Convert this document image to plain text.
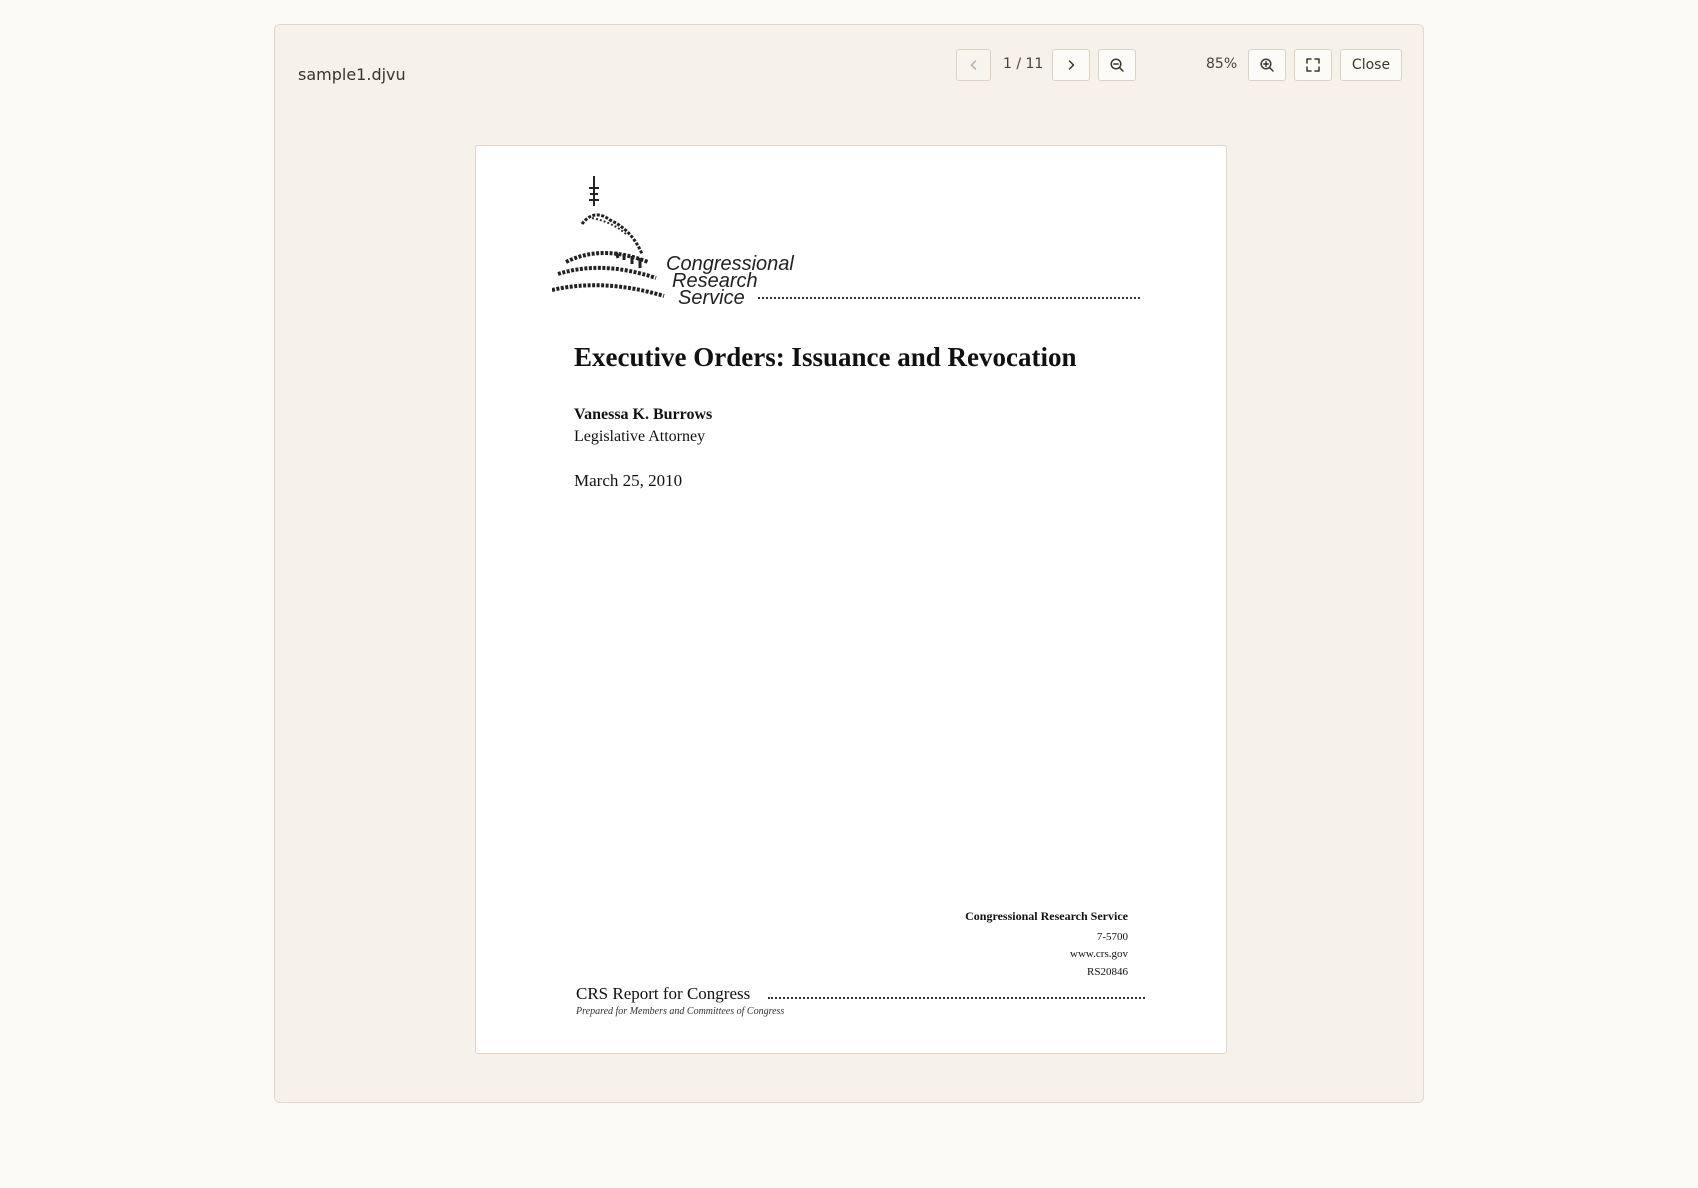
sample1.djvu
1 / 11	85%	Close
Congressional
Research
Service
Executive Orders: Issuance and Revocation
Vanessa K. Burrows
Legislative Attorney
March 25, 2010
Congressional Research Service
7-5700
www.crs.gov
RS20846
CRS Report for Congress
Prepared for Members and Committees of Congress
